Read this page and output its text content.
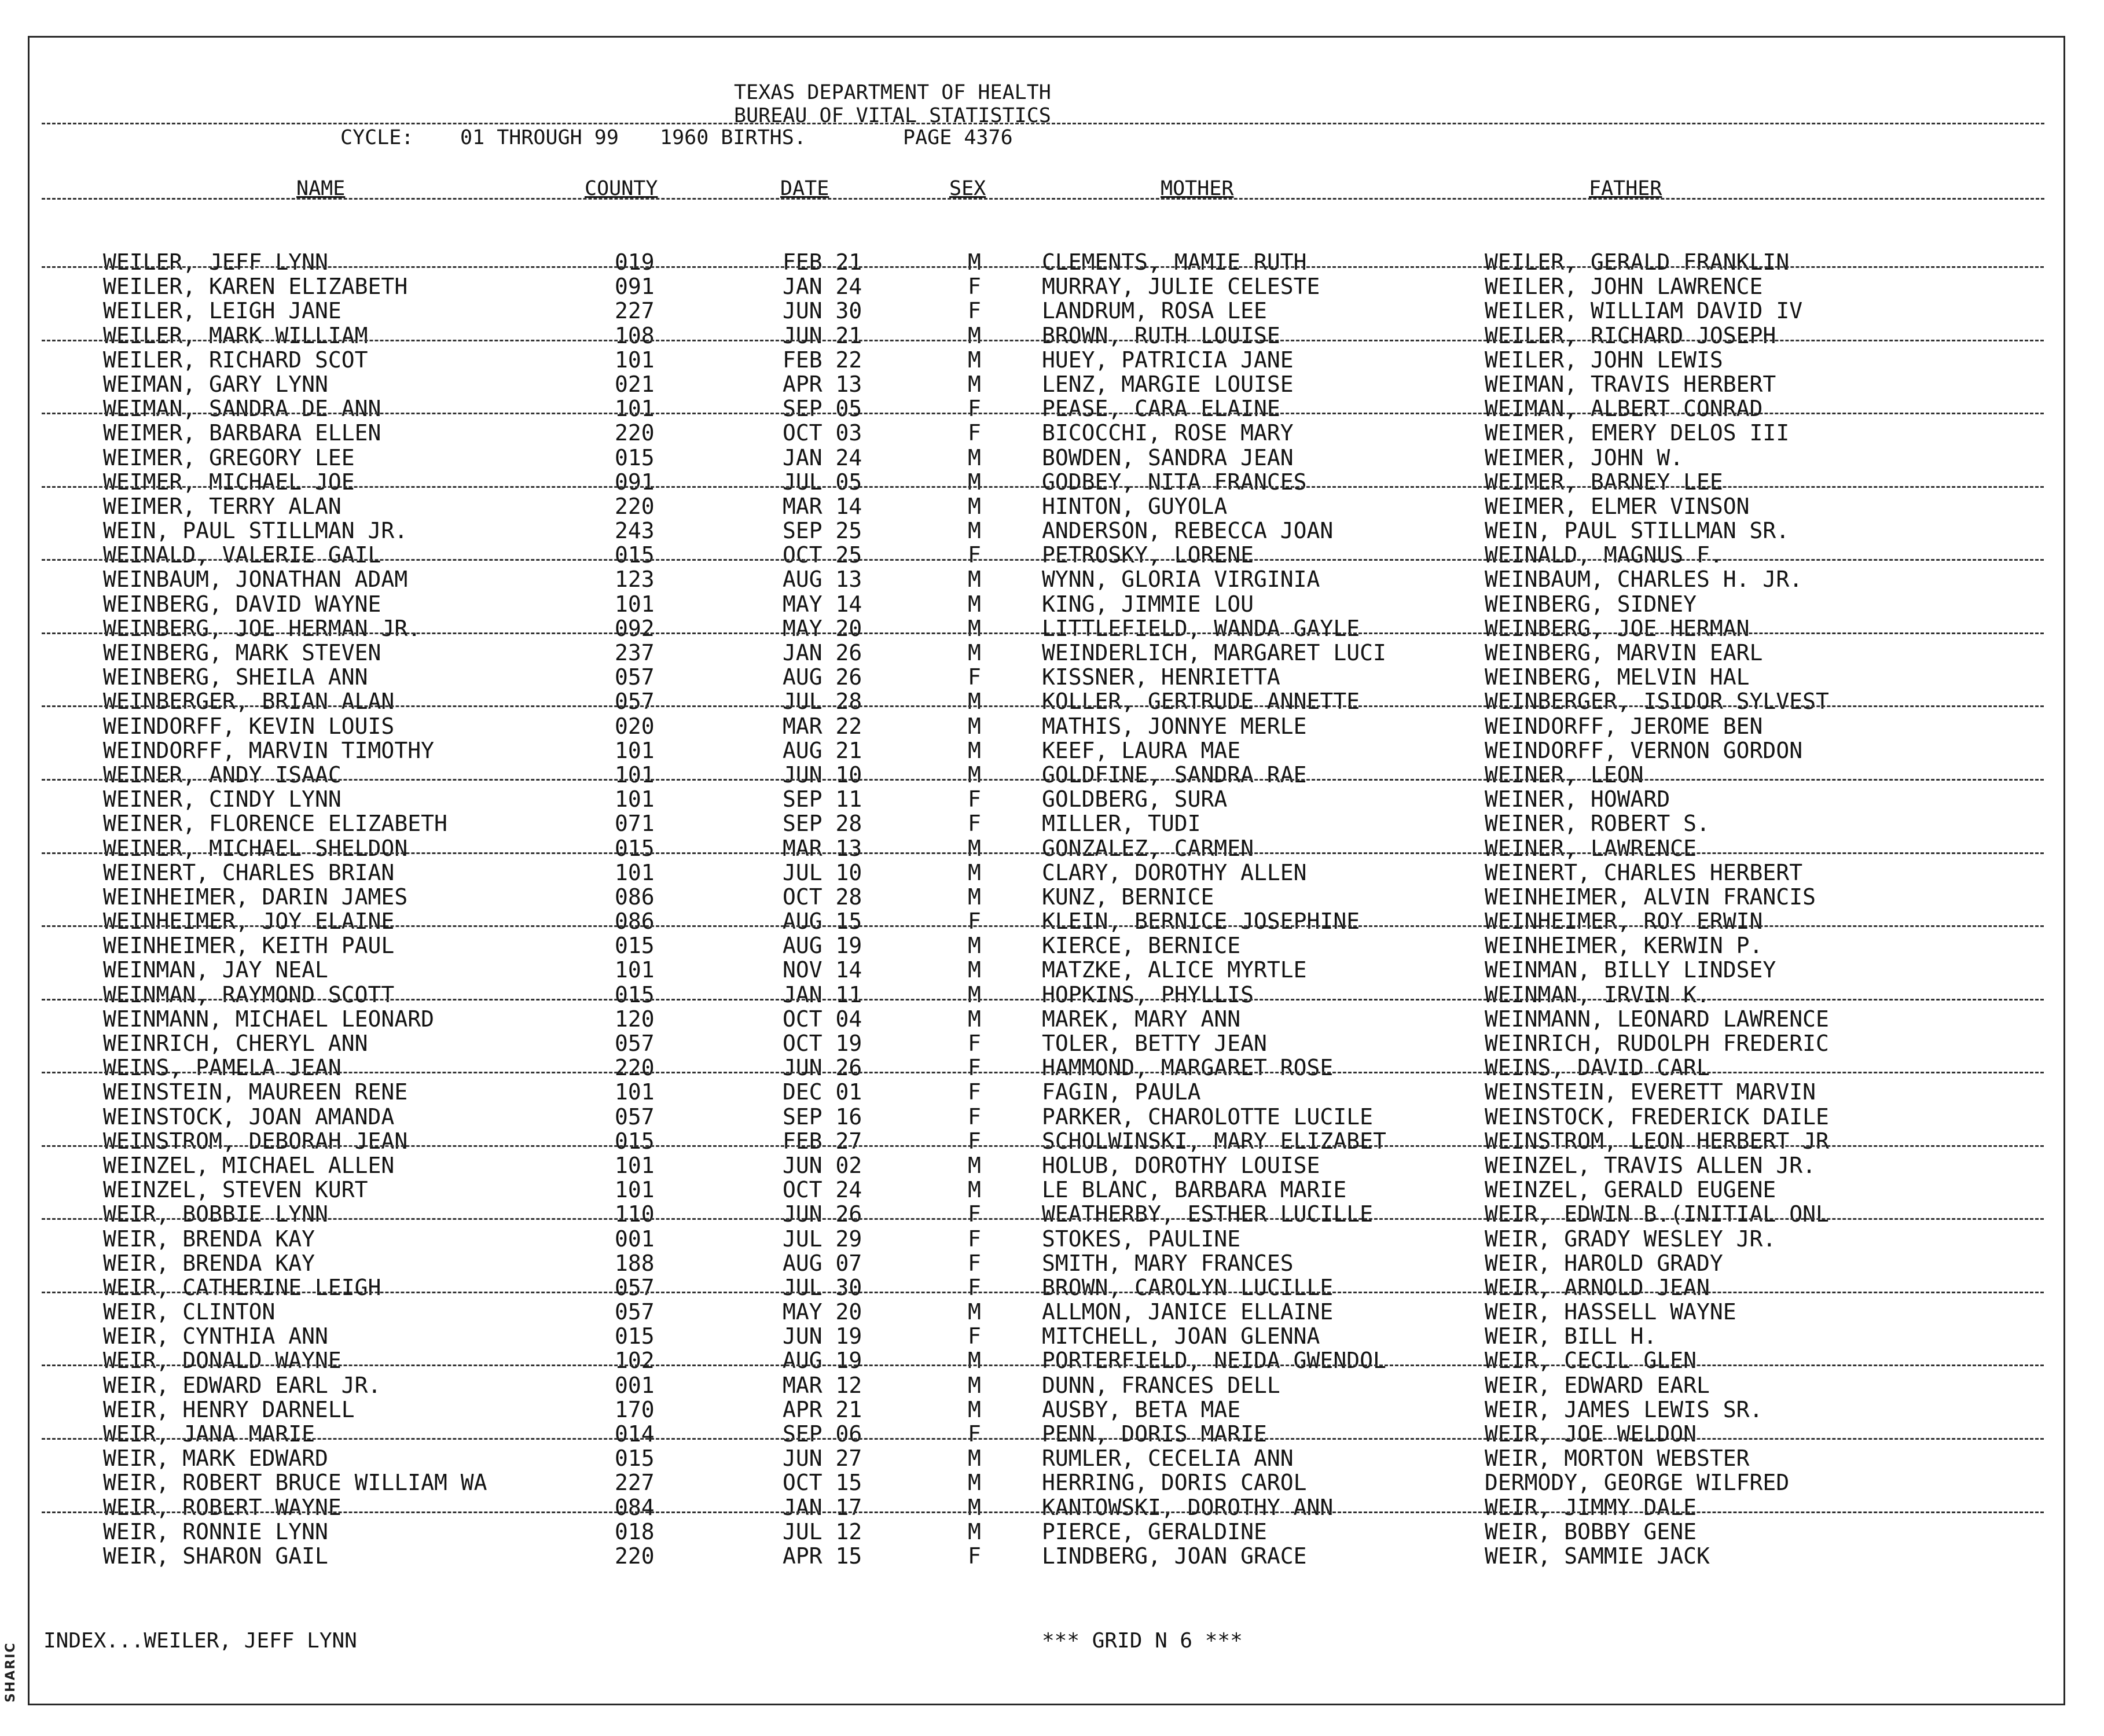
SHARIC
TEXAS DEPARTMENT OF HEALTH
BUREAU OF VITAL STATISTICS
CYCLE: 01 THROUGH 99 1960 BIRTHS.	PAGE 4376
NAME	COUNTY	DATE	SEX	MOTHER	FATHER
WEILER, JEFF LYNN	019	FEB 21	M	CLEMENTS, MAMIE RUTH	WEILER, GERALD FRANKLIN
WEILER, KAREN ELIZABETH	091	JAN 24	F	MURRAY, JULIE CELESTE	WEILER, JOHN LAWRENCE
WEILER, LEIGH JANE	227	JUN 30	F	LANDRUM, ROSA LEE	WEILER, WILLIAM DAVID IV
WEILER, MARK WILLIAM	108	JUN 21	M	BROWN, RUTH LOUISE	WEILER, RICHARD JOSEPH
WEILER, RICHARD SCOT	101	FEB 22	M	HUEY, PATRICIA JANE	WEILER, JOHN LEWIS
WEIMAN, GARY LYNN	021	APR 13	M	LENZ, MARGIE LOUISE	WEIMAN, TRAVIS HERBERT
WEIMAN, SANDRA DE ANN	101	SEP 05	F	PEASE, CARA ELAINE	WEIMAN, ALBERT CONRAD
WEIMER, BARBARA ELLEN	220	OCT 03	F	BICOCCHI, ROSE MARY	WEIMER, EMERY DELOS III
WEIMER, GREGORY LEE	015	JAN 24	M	BOWDEN, SANDRA JEAN	WEIMER, JOHN W.
WEIMER, MICHAEL JOE	091	JUL 05	M	GODBEY, NITA FRANCES	WEIMER, BARNEY LEE
WEIMER, TERRY ALAN	220	MAR 14	M	HINTON, GUYOLA	WEIMER, ELMER VINSON
WEIN, PAUL STILLMAN JR.	243	SEP 25	M	ANDERSON, REBECCA JOAN	WEIN, PAUL STILLMAN SR.
WEINALD, VALERIE GAIL	015	OCT 25	F	PETROSKY, LORENE	WEINALD, MAGNUS F.
WEINBAUM, JONATHAN ADAM	123	AUG 13	M	WYNN, GLORIA VIRGINIA	WEINBAUM, CHARLES H. JR.
WEINBERG, DAVID WAYNE	101	MAY 14	M	KING, JIMMIE LOU	WEINBERG, SIDNEY
WEINBERG, JOE HERMAN JR.	092	MAY 20	M	LITTLEFIELD, WANDA GAYLE	WEINBERG, JOE HERMAN
WEINBERG, MARK STEVEN	237	JAN 26	M	WEINDERLICH, MARGARET LUCI	WEINBERG, MARVIN EARL
WEINBERG, SHEILA ANN	057	AUG 26	F	KISSNER, HENRIETTA	WEINBERG, MELVIN HAL
WEINBERGER, BRIAN ALAN	057	JUL 28	M	KOLLER, GERTRUDE ANNETTE	WEINBERGER, ISIDOR SYLVEST
WEINDORFF, KEVIN LOUIS	020	MAR 22	M	MATHIS, JONNYE MERLE	WEINDORFF, JEROME BEN
WEINDORFF, MARVIN TIMOTHY	101	AUG 21	M	KEEF, LAURA MAE	WEINDORFF, VERNON GORDON
WEINER, ANDY ISAAC	101	JUN 10	M	GOLDFINE, SANDRA RAE	WEINER, LEON
WEINER, CINDY LYNN	101	SEP 11	F	GOLDBERG, SURA	WEINER, HOWARD
WEINER, FLORENCE ELIZABETH	071	SEP 28	F	MILLER, TUDI	WEINER, ROBERT S.
WEINER, MICHAEL SHELDON	015	MAR 13	M	GONZALEZ, CARMEN	WEINER, LAWRENCE
WEINERT, CHARLES BRIAN	101	JUL 10	M	CLARY, DOROTHY ALLEN	WEINERT, CHARLES HERBERT
WEINHEIMER, DARIN JAMES	086	OCT 28	M	KUNZ, BERNICE	WEINHEIMER, ALVIN FRANCIS
WEINHEIMER, JOY ELAINE	086	AUG 15	F	KLEIN, BERNICE JOSEPHINE	WEINHEIMER, ROY ERWIN
WEINHEIMER, KEITH PAUL	015	AUG 19	M	KIERCE, BERNICE	WEINHEIMER, KERWIN P.
WEINMAN, JAY NEAL	101	NOV 14	M	MATZKE, ALICE MYRTLE	WEINMAN, BILLY LINDSEY
WEINMAN, RAYMOND SCOTT	015	JAN 11	M	HOPKINS, PHYLLIS	WEINMAN, IRVIN K.
WEINMANN, MICHAEL LEONARD	120	OCT 04	M	MAREK, MARY ANN	WEINMANN, LEONARD LAWRENCE
WEINRICH, CHERYL ANN	057	OCT 19	F	TOLER, BETTY JEAN	WEINRICH, RUDOLPH FREDERIC
WEINS, PAMELA JEAN	220	JUN 26	F	HAMMOND, MARGARET ROSE	WEINS, DAVID CARL
WEINSTEIN, MAUREEN RENE	101	DEC 01	F	FAGIN, PAULA	WEINSTEIN, EVERETT MARVIN
WEINSTOCK, JOAN AMANDA	057	SEP 16	F	PARKER, CHAROLOTTE LUCILE	WEINSTOCK, FREDERICK DAILE
WEINSTROM, DEBORAH JEAN	015	FEB 27	F	SCHOLWINSKI, MARY ELIZABET	WEINSTROM, LEON HERBERT JR
WEINZEL, MICHAEL ALLEN	101	JUN 02	M	HOLUB, DOROTHY LOUISE	WEINZEL, TRAVIS ALLEN JR.
WEINZEL, STEVEN KURT	101	OCT 24	M	LE BLANC, BARBARA MARIE	WEINZEL, GERALD EUGENE
WEIR, BOBBIE LYNN	110	JUN 26	F	WEATHERBY, ESTHER LUCILLE	WEIR, EDWIN B.(INITIAL ONL
WEIR, BRENDA KAY	001	JUL 29	F	STOKES, PAULINE	WEIR, GRADY WESLEY JR.
WEIR, BRENDA KAY	188	AUG 07	F	SMITH, MARY FRANCES	WEIR, HAROLD GRADY
WEIR, CATHERINE LEIGH	057	JUL 30	F	BROWN, CAROLYN LUCILLE	WEIR, ARNOLD JEAN
WEIR, CLINTON	057	MAY 20	M	ALLMON, JANICE ELLAINE	WEIR, HASSELL WAYNE
WEIR, CYNTHIA ANN	015	JUN 19	F	MITCHELL, JOAN GLENNA	WEIR, BILL H.
WEIR, DONALD WAYNE	102	AUG 19	M	PORTERFIELD, NEIDA GWENDOL	WEIR, CECIL GLEN
WEIR, EDWARD EARL JR.	001	MAR 12	M	DUNN, FRANCES DELL	WEIR, EDWARD EARL
WEIR, HENRY DARNELL	170	APR 21	M	AUSBY, BETA MAE	WEIR, JAMES LEWIS SR.
WEIR, JANA MARIE	014	SEP 06	F	PENN, DORIS MARIE	WEIR, JOE WELDON
WEIR, MARK EDWARD	015	JUN 27	M	RUMLER, CECELIA ANN	WEIR, MORTON WEBSTER
WEIR, ROBERT BRUCE WILLIAM WA	227	OCT 15	M	HERRING, DORIS CAROL	DERMODY, GEORGE WILFRED
WEIR, ROBERT WAYNE	084	JAN 17	M	KANTOWSKI, DOROTHY ANN	WEIR, JIMMY DALE
WEIR, RONNIE LYNN	018	JUL 12	M	PIERCE, GERALDINE	WEIR, BOBBY GENE
WEIR, SHARON GAIL	220	APR 15	F	LINDBERG, JOAN GRACE	WEIR, SAMMIE JACK
INDEX...WEILER, JEFF LYNN	*** GRID N 6 ***
